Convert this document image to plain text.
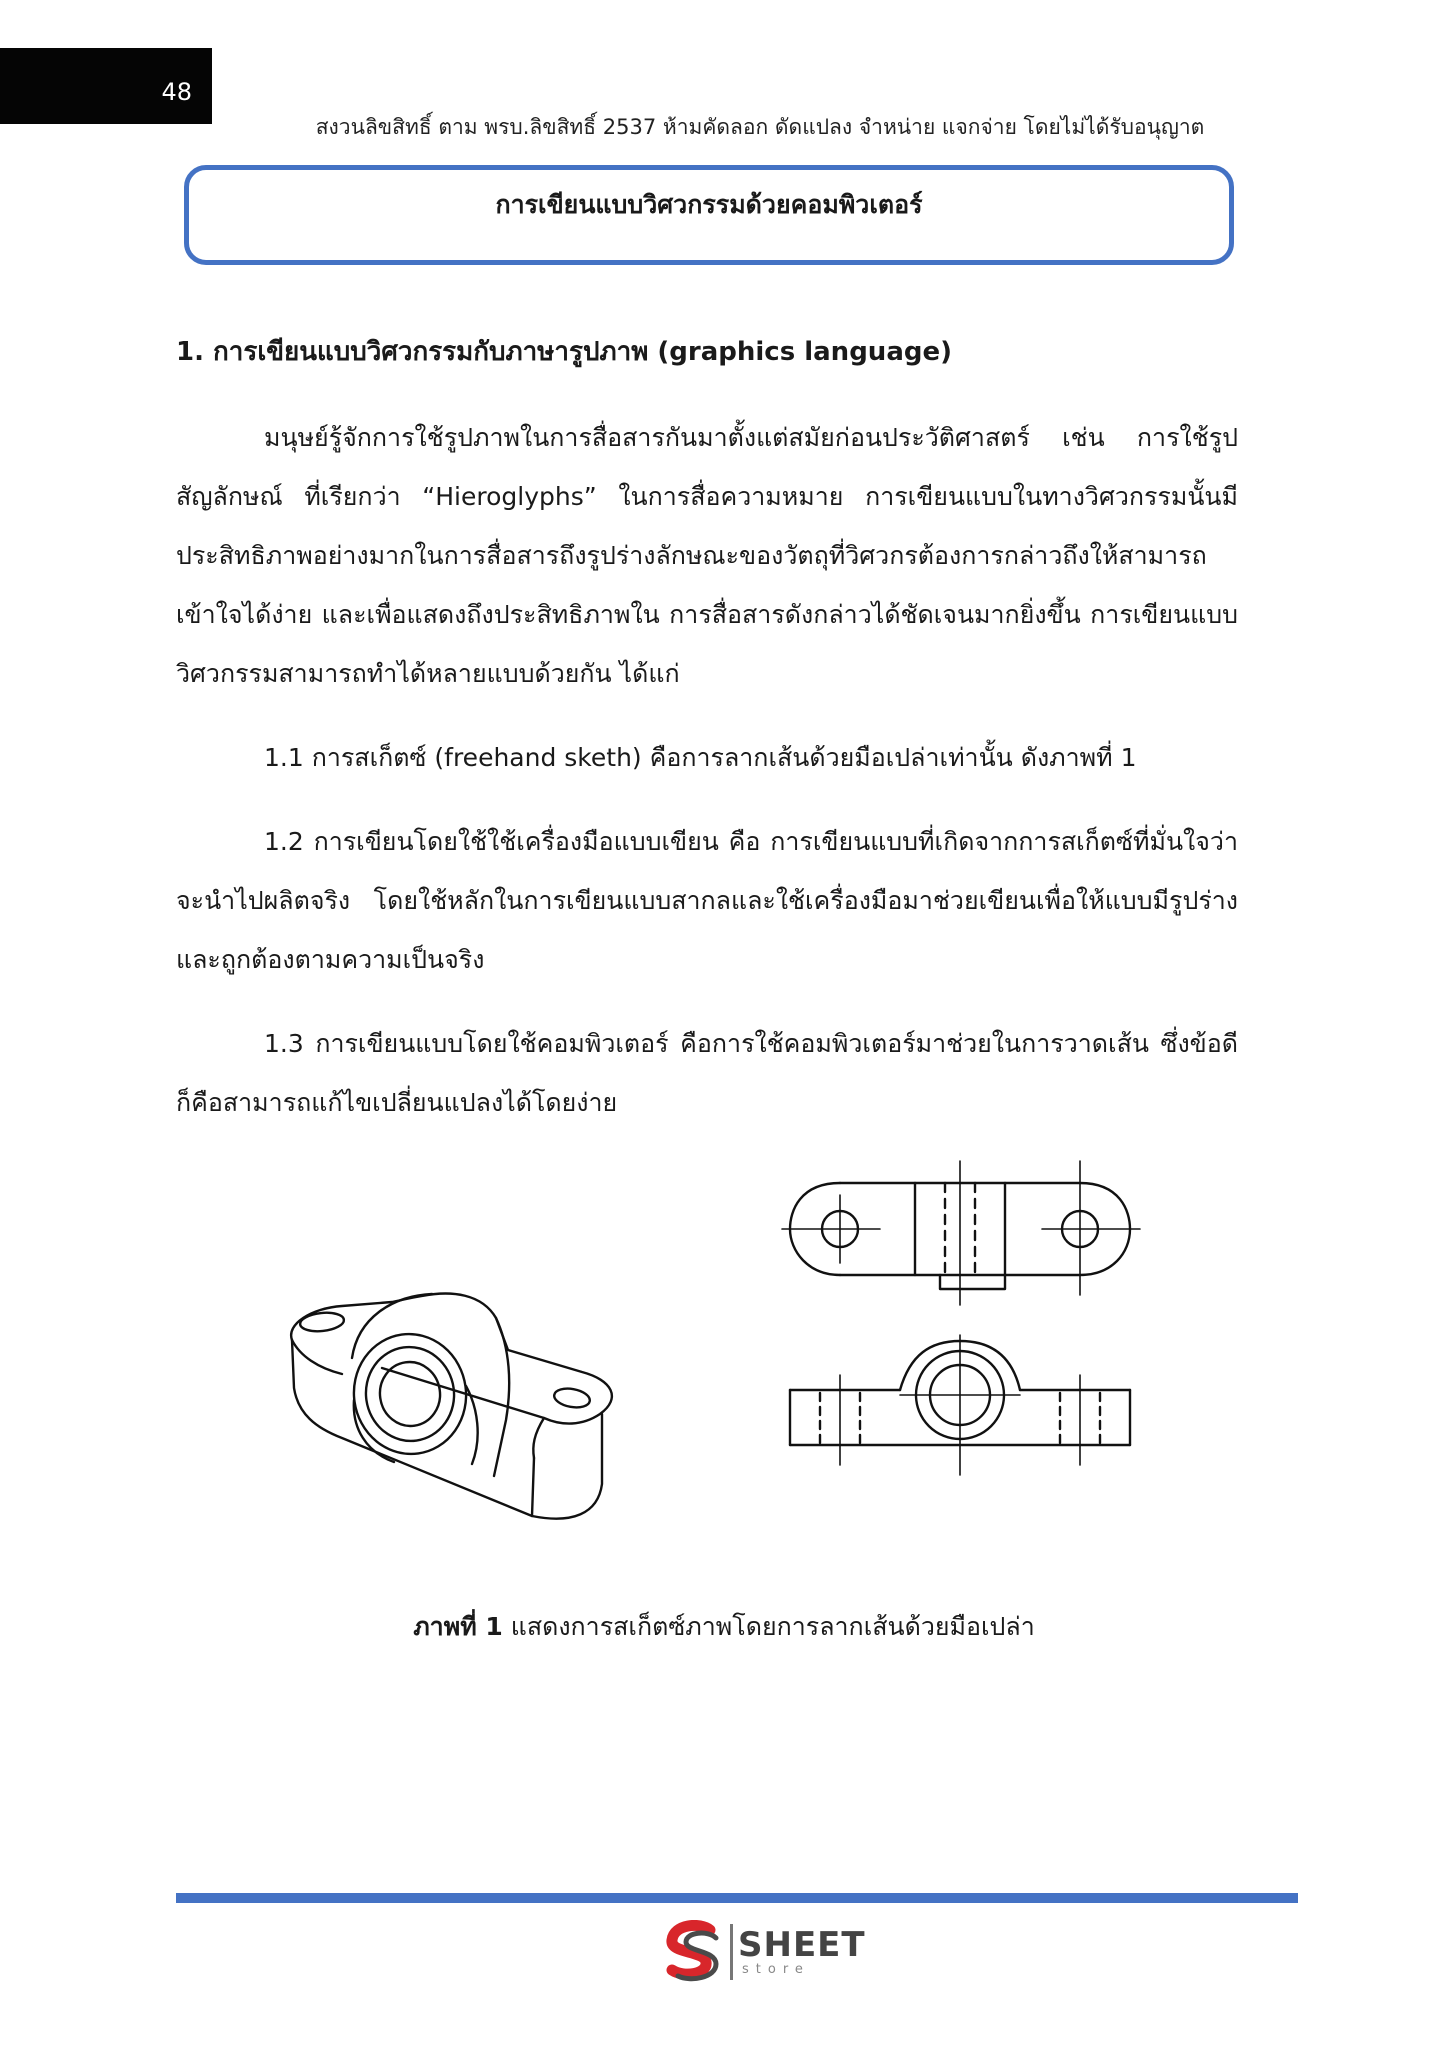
48
สงวนลิขสิทธิ์ ตาม พรบ.ลิขสิทธิ์ 2537 ห้ามคัดลอก ดัดแปลง จำหน่าย แจกจ่าย โดยไม่ได้รับอนุญาต
การเขียนแบบวิศวกรรมด้วยคอมพิวเตอร์
1. การเขียนแบบวิศวกรรมกับภาษารูปภาพ (graphics language)

มนุษย์รู้จักการใช้รูปภาพในการสื่อสารกันมาตั้งแต่สมัยก่อนประวัติศาสตร์ เช่น การใช้รูปสัญลักษณ์ ที่เรียกว่า “Hieroglyphs” ในการสื่อความหมาย การเขียนแบบในทางวิศวกรรมนั้นมีประสิทธิภาพอย่างมากในการสื่อสารถึงรูปร่างลักษณะของวัตถุที่วิศวกรต้องการกล่าวถึงให้สามารถเข้าใจได้ง่าย และเพื่อแสดงถึงประสิทธิภาพใน การสื่อสารดังกล่าวได้ชัดเจนมากยิ่งขึ้น การเขียนแบบวิศวกรรมสามารถทำได้หลายแบบด้วยกัน ได้แก่

1.1 การสเก็ตซ์ (freehand sketh) คือการลากเส้นด้วยมือเปล่าเท่านั้น ดังภาพที่ 1

1.2 การเขียนโดยใช้ใช้เครื่องมือแบบเขียน คือ การเขียนแบบที่เกิดจากการสเก็ตซ์ที่มั่นใจว่าจะนำไปผลิตจริง โดยใช้หลักในการเขียนแบบสากลและใช้เครื่องมือมาช่วยเขียนเพื่อให้แบบมีรูปร่างและถูกต้องตามความเป็นจริง

1.3 การเขียนแบบโดยใช้คอมพิวเตอร์ คือการใช้คอมพิวเตอร์มาช่วยในการวาดเส้น ซึ่งข้อดีก็คือสามารถแก้ไขเปลี่ยนแปลงได้โดยง่าย

ภาพที่ 1 แสดงการสเก็ตซ์ภาพโดยการลากเส้นด้วยมือเปล่า
SHEET
store
